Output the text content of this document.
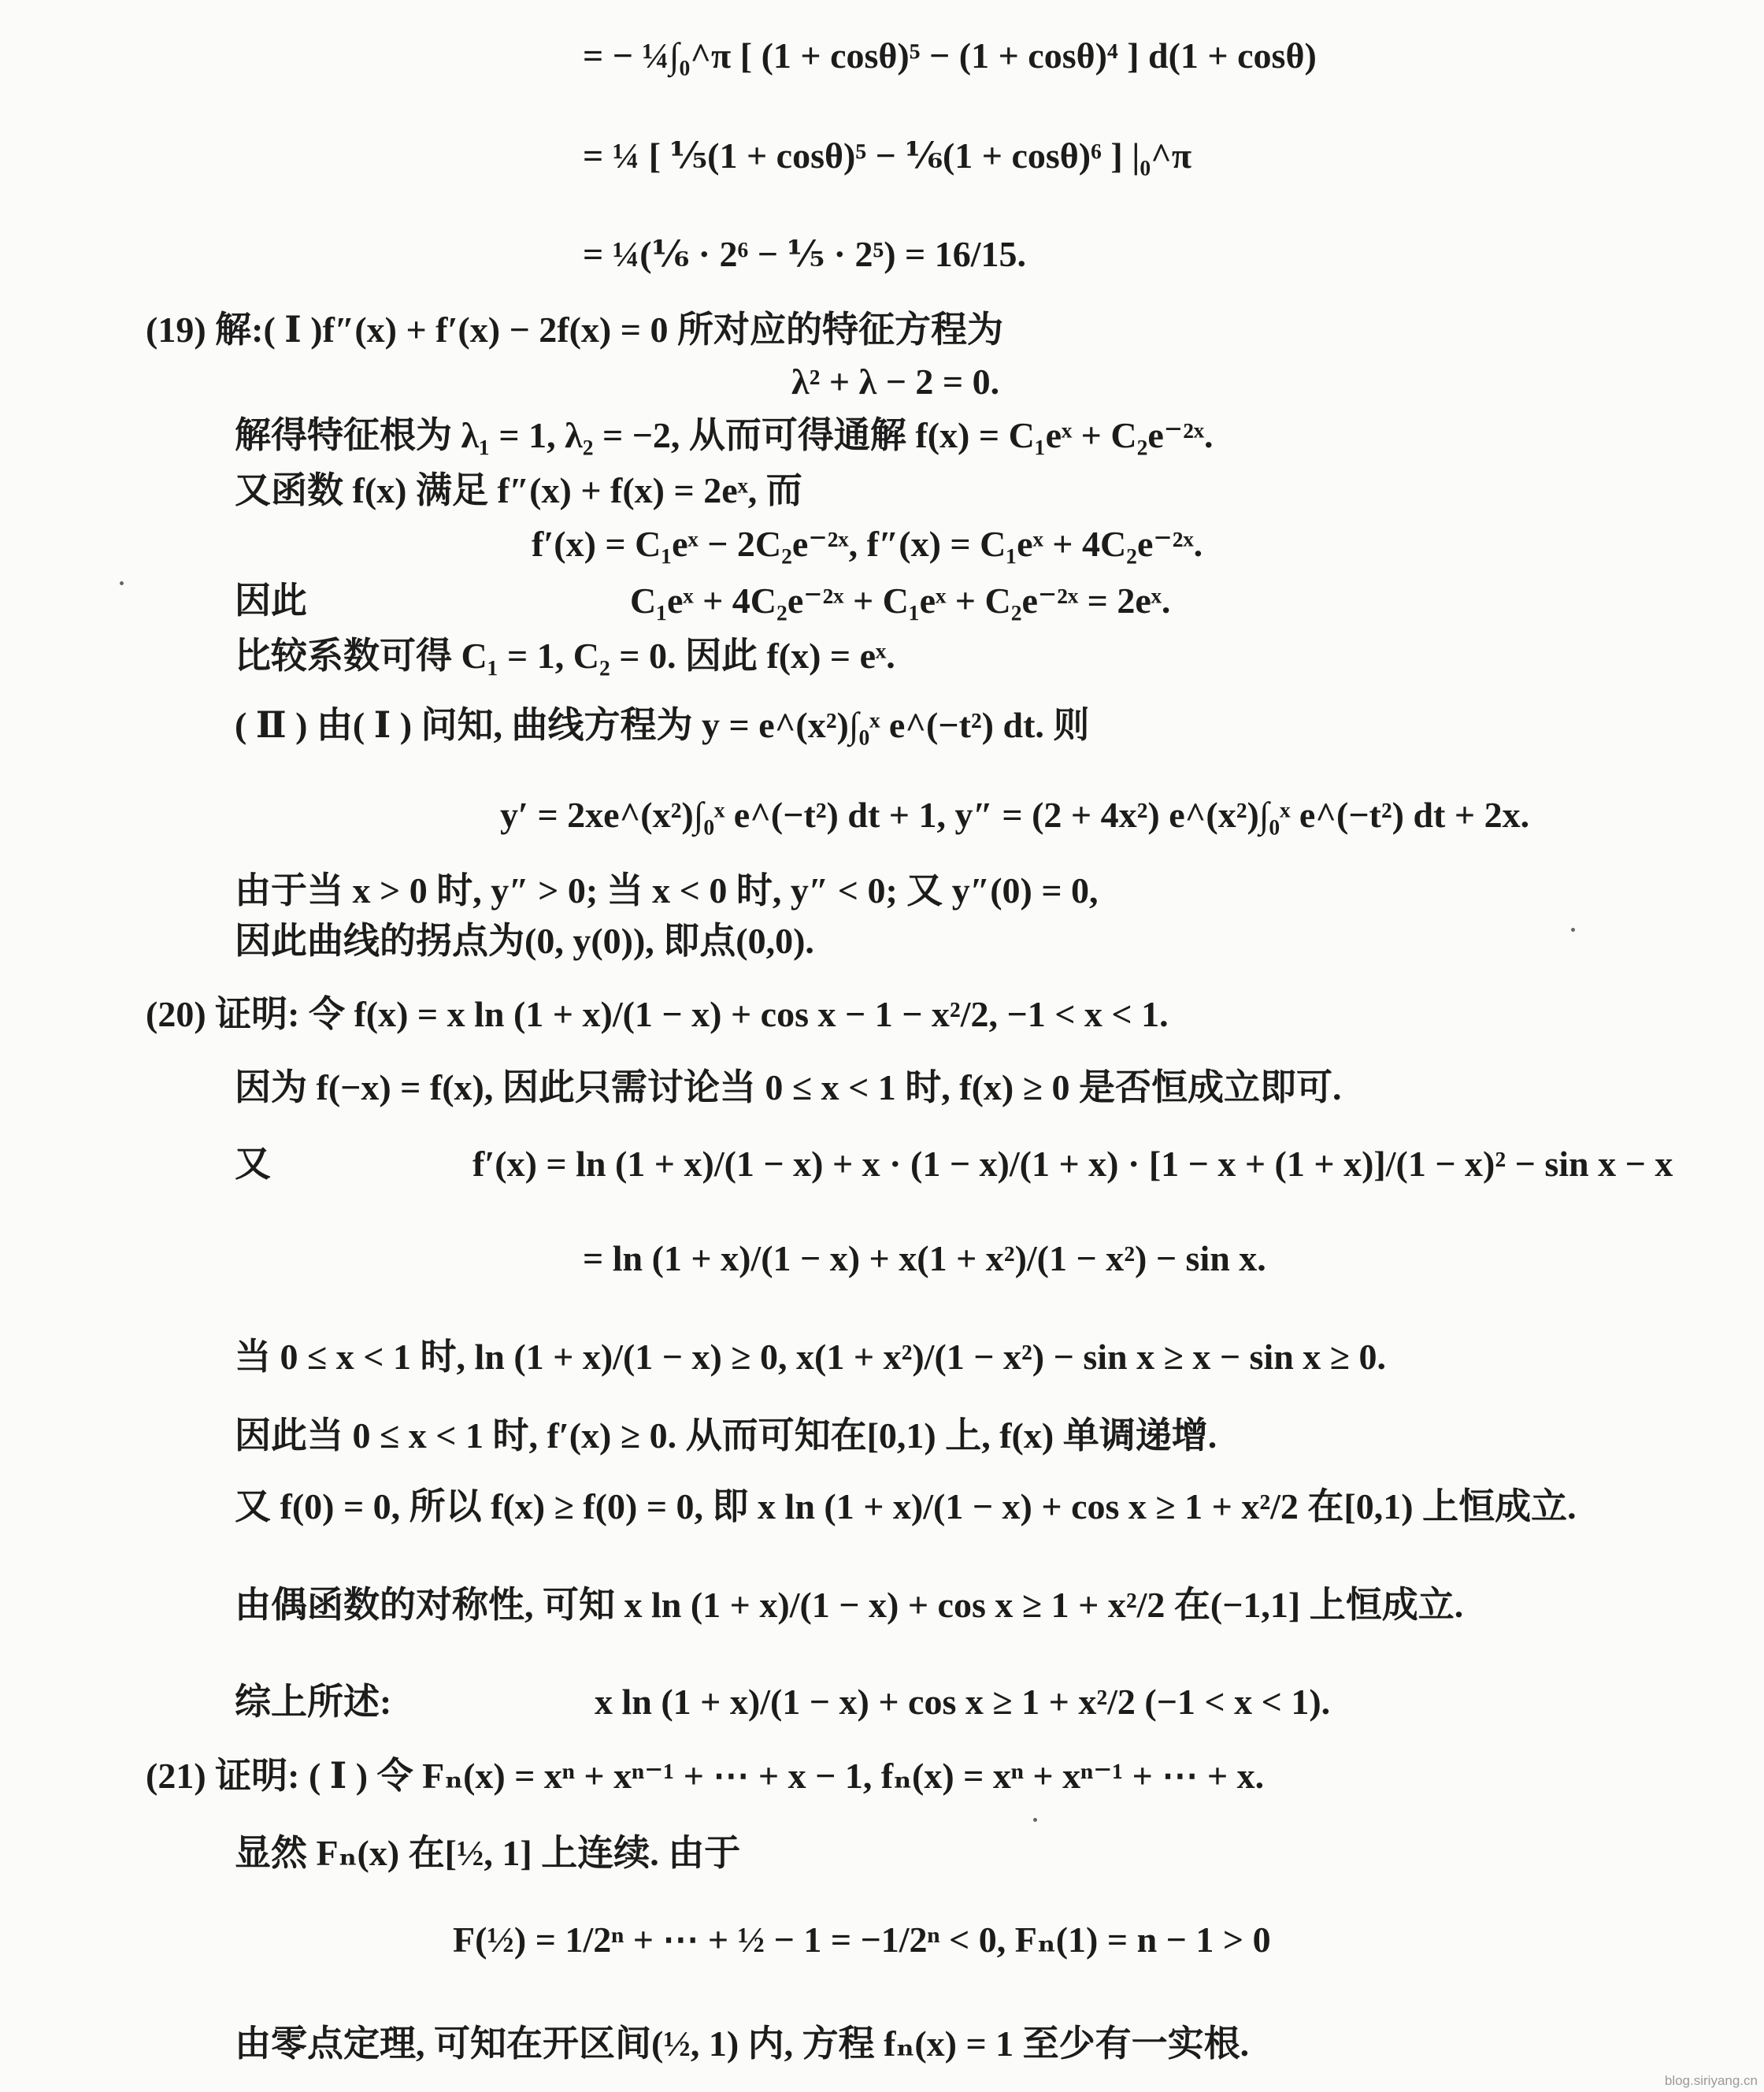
= − ¼∫₀^π [ (1 + cosθ)⁵ − (1 + cosθ)⁴ ] d(1 + cosθ)
= ¼ [ ⅕(1 + cosθ)⁵ − ⅙(1 + cosθ)⁶ ] |₀^π
= ¼(⅙ · 2⁶ − ⅕ · 2⁵) = 16/15.
(19) 解:( Ⅰ )f″(x) + f′(x) − 2f(x) = 0 所对应的特征方程为
λ² + λ − 2 = 0.
解得特征根为 λ₁ = 1, λ₂ = −2, 从而可得通解 f(x) = C₁eˣ + C₂e⁻²ˣ.
又函数 f(x) 满足 f″(x) + f(x) = 2eˣ, 而
f′(x) = C₁eˣ − 2C₂e⁻²ˣ, f″(x) = C₁eˣ + 4C₂e⁻²ˣ.
因此	C₁eˣ + 4C₂e⁻²ˣ + C₁eˣ + C₂e⁻²ˣ = 2eˣ.
比较系数可得 C₁ = 1, C₂ = 0. 因此 f(x) = eˣ.
( Ⅱ ) 由( Ⅰ ) 问知, 曲线方程为 y = e^(x²)∫₀ˣ e^(−t²) dt. 则
y′ = 2xe^(x²)∫₀ˣ e^(−t²) dt + 1, y″ = (2 + 4x²) e^(x²)∫₀ˣ e^(−t²) dt + 2x.
由于当 x > 0 时, y″ > 0; 当 x < 0 时, y″ < 0; 又 y″(0) = 0,
因此曲线的拐点为(0, y(0)), 即点(0,0).
(20) 证明: 令 f(x) = x ln (1 + x)/(1 − x) + cos x − 1 − x²/2, −1 < x < 1.
因为 f(−x) = f(x), 因此只需讨论当 0 ≤ x < 1 时, f(x) ≥ 0 是否恒成立即可.
又	f′(x) = ln (1 + x)/(1 − x) + x · (1 − x)/(1 + x) · [1 − x + (1 + x)]/(1 − x)² − sin x − x
= ln (1 + x)/(1 − x) + x(1 + x²)/(1 − x²) − sin x.
当 0 ≤ x < 1 时, ln (1 + x)/(1 − x) ≥ 0, x(1 + x²)/(1 − x²) − sin x ≥ x − sin x ≥ 0.
因此当 0 ≤ x < 1 时, f′(x) ≥ 0. 从而可知在[0,1) 上, f(x) 单调递增.
又 f(0) = 0, 所以 f(x) ≥ f(0) = 0, 即 x ln (1 + x)/(1 − x) + cos x ≥ 1 + x²/2 在[0,1) 上恒成立.
由偶函数的对称性, 可知 x ln (1 + x)/(1 − x) + cos x ≥ 1 + x²/2 在(−1,1] 上恒成立.
综上所述:	x ln (1 + x)/(1 − x) + cos x ≥ 1 + x²/2 (−1 < x < 1).
(21) 证明: ( Ⅰ ) 令 Fₙ(x) = xⁿ + xⁿ⁻¹ + ⋯ + x − 1, fₙ(x) = xⁿ + xⁿ⁻¹ + ⋯ + x.
显然 Fₙ(x) 在[½, 1] 上连续. 由于
F(½) = 1/2ⁿ + ⋯ + ½ − 1 = −1/2ⁿ < 0, Fₙ(1) = n − 1 > 0
由零点定理, 可知在开区间(½, 1) 内, 方程 fₙ(x) = 1 至少有一实根.
blog.siriyang.cn
